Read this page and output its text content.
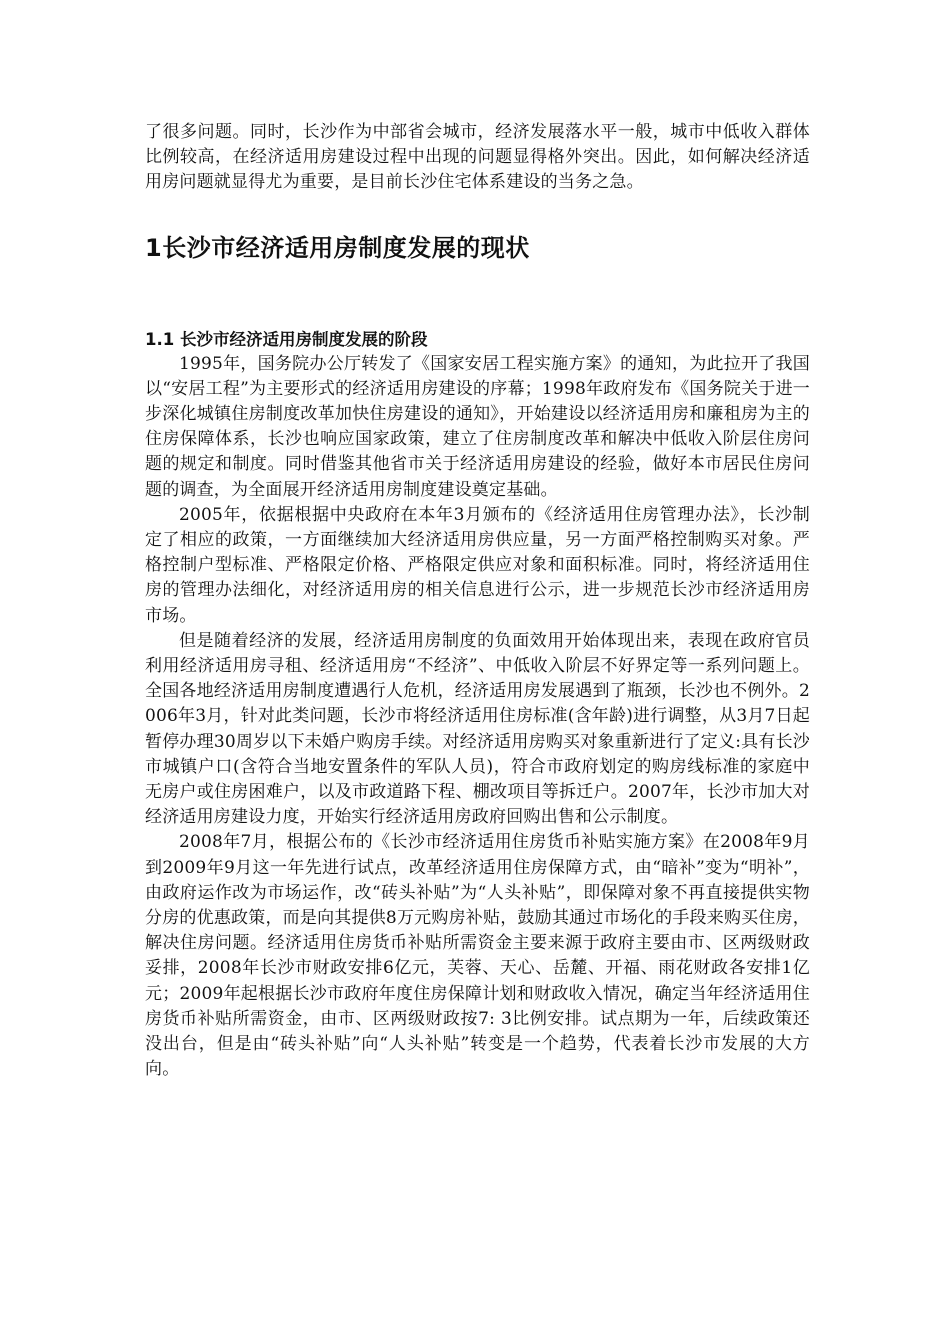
了很多问题。同时，长沙作为中部省会城市，经济发展落水平一般，城市中低收入群体比例较高，在经济适用房建设过程中出现的问题显得格外突出。因此，如何解决经济适用房问题就显得尤为重要，是目前长沙住宅体系建设的当务之急。

1长沙市经济适用房制度发展的现状
1.1 长沙市经济适用房制度发展的阶段

1995年，国务院办公厅转发了《国家安居工程实施方案》的通知，为此拉开了我国以“安居工程”为主要形式的经济适用房建设的序幕；1998年政府发布《国务院关于进一步深化城镇住房制度改革加快住房建设的通知》，开始建设以经济适用房和廉租房为主的住房保障体系，长沙也响应国家政策，建立了住房制度改革和解决中低收入阶层住房问题的规定和制度。同时借鉴其他省市关于经济适用房建设的经验，做好本市居民住房问题的调查，为全面展开经济适用房制度建设奠定基础。

2005年，依据根据中央政府在本年3月颁布的《经济适用住房管理办法》，长沙制定了相应的政策，一方面继续加大经济适用房供应量，另一方面严格控制购买对象。严格控制户型标准、严格限定价格、严格限定供应对象和面积标准。同时，将经济适用住房的管理办法细化，对经济适用房的相关信息进行公示，进一步规范长沙市经济适用房市场。

但是随着经济的发展，经济适用房制度的负面效用开始体现出来，表现在政府官员利用经济适用房寻租、经济适用房“不经济”、中低收入阶层不好界定等一系列问题上。全国各地经济适用房制度遭遇行人危机，经济适用房发展遇到了瓶颈，长沙也不例外。2006年3月，针对此类问题，长沙市将经济适用住房标准(含年龄)进行调整，从3月7日起暂停办理30周岁以下未婚户购房手续。对经济适用房购买对象重新进行了定义:具有长沙市城镇户口(含符合当地安置条件的军队人员)，符合市政府划定的购房线标准的家庭中无房户或住房困难户，以及市政道路下程、棚改项目等拆迁户。2007年，长沙市加大对经济适用房建设力度，开始实行经济适用房政府回购出售和公示制度。

2008年7月，根据公布的《长沙市经济适用住房货币补贴实施方案》在2008年9月到2009年9月这一年先进行试点，改革经济适用住房保障方式，由“暗补”变为“明补”，由政府运作改为市场运作，改“砖头补贴”为“人头补贴”，即保障对象不再直接提供实物分房的优惠政策，而是向其提供8万元购房补贴，鼓励其通过市场化的手段来购买住房，解决住房问题。经济适用住房货币补贴所需资金主要来源于政府主要由市、区两级财政妥排，2008年长沙市财政安排6亿元，芙蓉、天心、岳麓、开福、雨花财政各安排1亿元；2009年起根据长沙市政府年度住房保障计划和财政收入情况，确定当年经济适用住房货币补贴所需资金，由市、区两级财政按7: 3比例安排。试点期为一年，后续政策还没出台，但是由“砖头补贴”向“人头补贴”转变是一个趋势，代表着长沙市发展的大方向。
